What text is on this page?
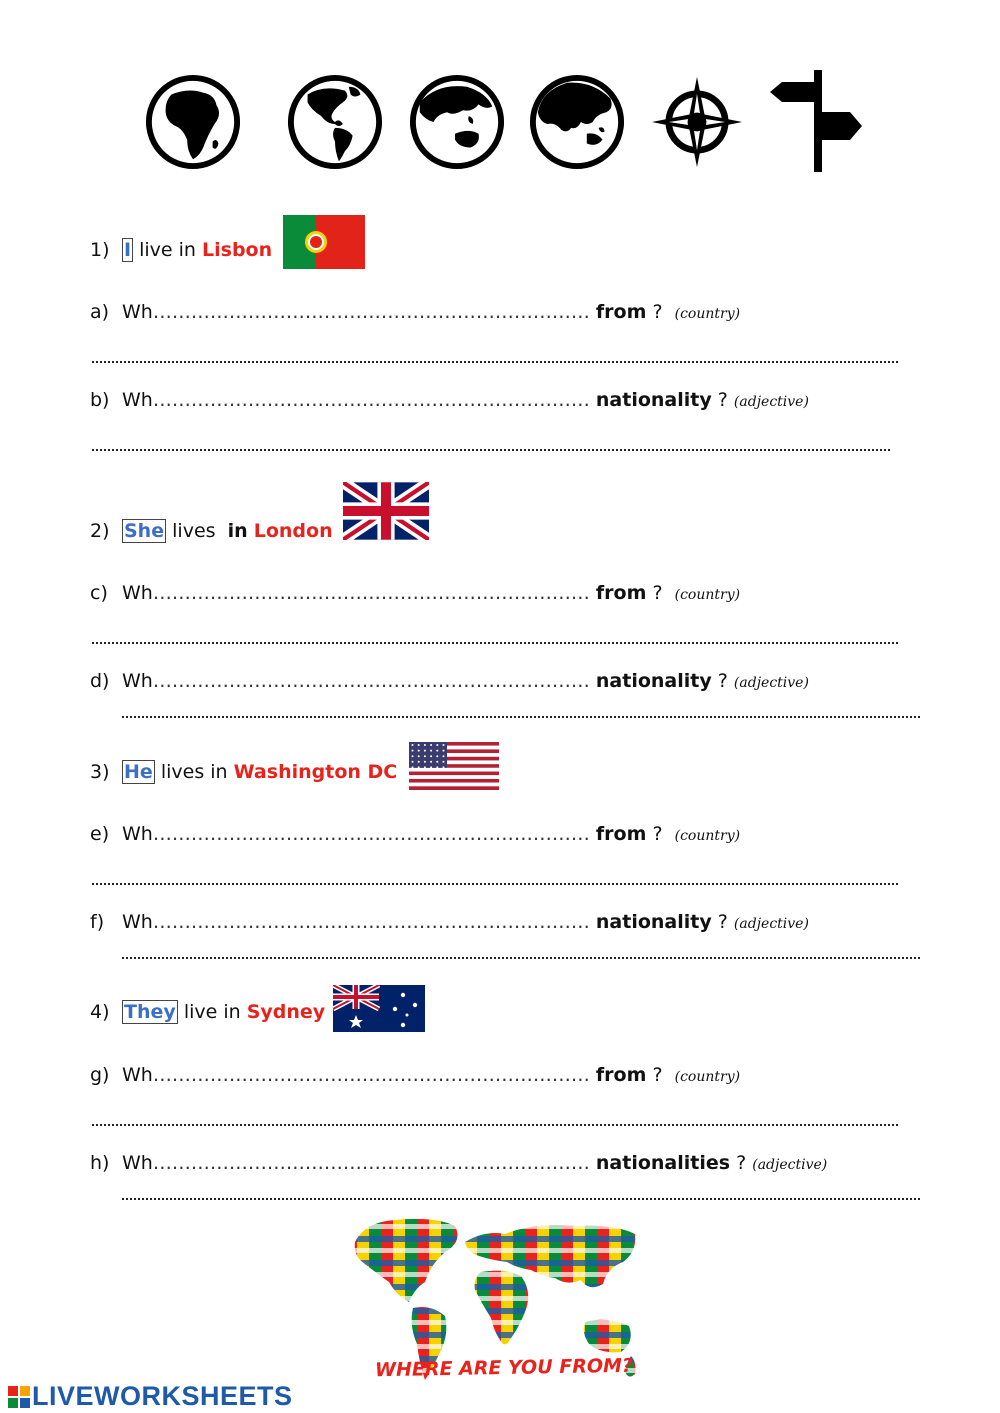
1) I live in Lisbon
a) Wh…………………………………………………………… from ? (country)
b) Wh…………………………………………………………… nationality ? (adjective)
2) She lives in London
c) Wh…………………………………………………………… from ? (country)
d) Wh…………………………………………………………… nationality ? (adjective)
3) He lives in Washington DC
e) Wh…………………………………………………………… from ? (country)
f) Wh…………………………………………………………… nationality ? (adjective)
4) They live in Sydney
g) Wh…………………………………………………………… from ? (country)
h) Wh…………………………………………………………… nationalities ? (adjective)
WHERE ARE YOU FROM?
LIVEWORKSHEETS
